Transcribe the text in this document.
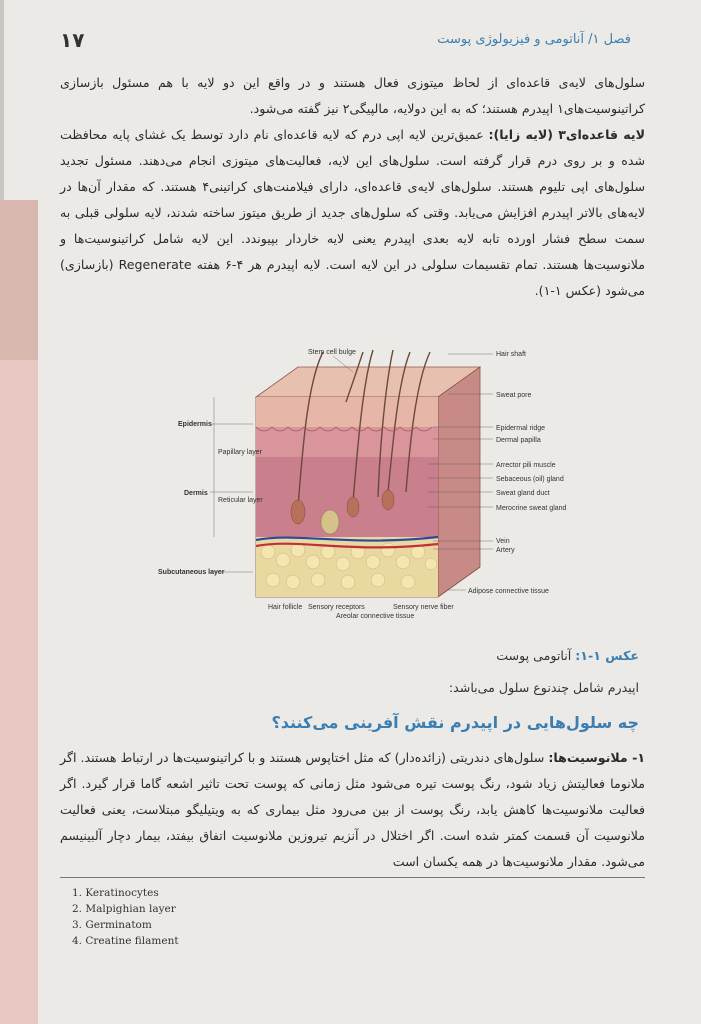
۱۷	فصل ۱/ آناتومی و فیزیولوژی پوست

سلول‌های لایه‌ی قاعده‌ای از لحاظ میتوزی فعال هستند و در واقع این دو لایه با هم مسئول بازسازی کراتینوسیت‌های۱ اپیدرم هستند؛ که به این دولایه، مالپیگی۲ نیز گفته می‌شود.

لایه قاعده‌ای۳ (لایه زایا): عمیق‌ترین لایه اپی درم که لایه قاعده‌ای نام دارد توسط یک غشای پایه محافظت شده و بر روی درم قرار گرفته است. سلول‌های این لایه، فعالیت‌های میتوزی انجام می‌دهند. مسئول تجدید سلول‌های اپی تلیوم هستند. سلول‌های لایه‌ی قاعده‌ای، دارای فیلامنت‌های کراتینی۴ هستند. که مقدار آن‌ها در لایه‌های بالاتر اپیدرم افزایش می‌یابد. وقتی که سلول‌های جدید از طریق میتوز ساخته شدند، لایه سلولی قبلی به سمت سطح فشار اورده تابه لایه بعدی اپیدرم یعنی لایه خاردار بپیوندد. این لایه شامل کراتینوسیت‌ها و ملانوسیت‌ها هستند. تمام تقسیمات سلولی در این لایه است. لایه اپیدرم هر ۴-۶ هفته Regenerate (بازسازی) می‌شود (عکس ۱-۱).

Stem cell bulge	Hair shaft
Sweat pore
Epidermal ridge
Dermal papilla
Arrector pili muscle
Sebaceous (oil) gland
Sweat gland duct
Merocrine sweat gland
Vein
Artery
Adipose connective tissue
Epidermis
Papillary layer
Dermis
Reticular layer
Subcutaneous layer
Hair follicle Sensory receptors
Areolar connective tissue
Sensory nerve fiber
عکس ۱-۱: آناتومی پوست
اپیدرم شامل چندنوع سلول می‌باشد:
چه سلول‌هایی در اپیدرم نقش آفرینی می‌کنند؟

۱- ملانوسیت‌ها: سلول‌های دندریتی (زائده‌دار) که مثل اختاپوس هستند و با کراتینوسیت‌ها در ارتباط هستند. اگر ملانوما فعالیتش زیاد شود، رنگ پوست تیره می‌شود مثل زمانی که پوست تحت تاثیر اشعه گاما قرار گیرد. اگر فعالیت ملانوسیت‌ها کاهش یابد، رنگ پوست از بین می‌رود مثل بیماری که به ویتیلیگو مبتلاست، یعنی فعالیت ملانوسیت آن قسمت کمتر شده است. اگر اختلال در آنزیم تیروزین ملانوسیت اتفاق بیفتد، بیمار دچار آلبینیسم می‌شود. مقدار ملانوسیت‌ها در همه یکسان است

1. Keratinocytes
2. Malpighian layer
3. Germinatom
4. Creatine filament
